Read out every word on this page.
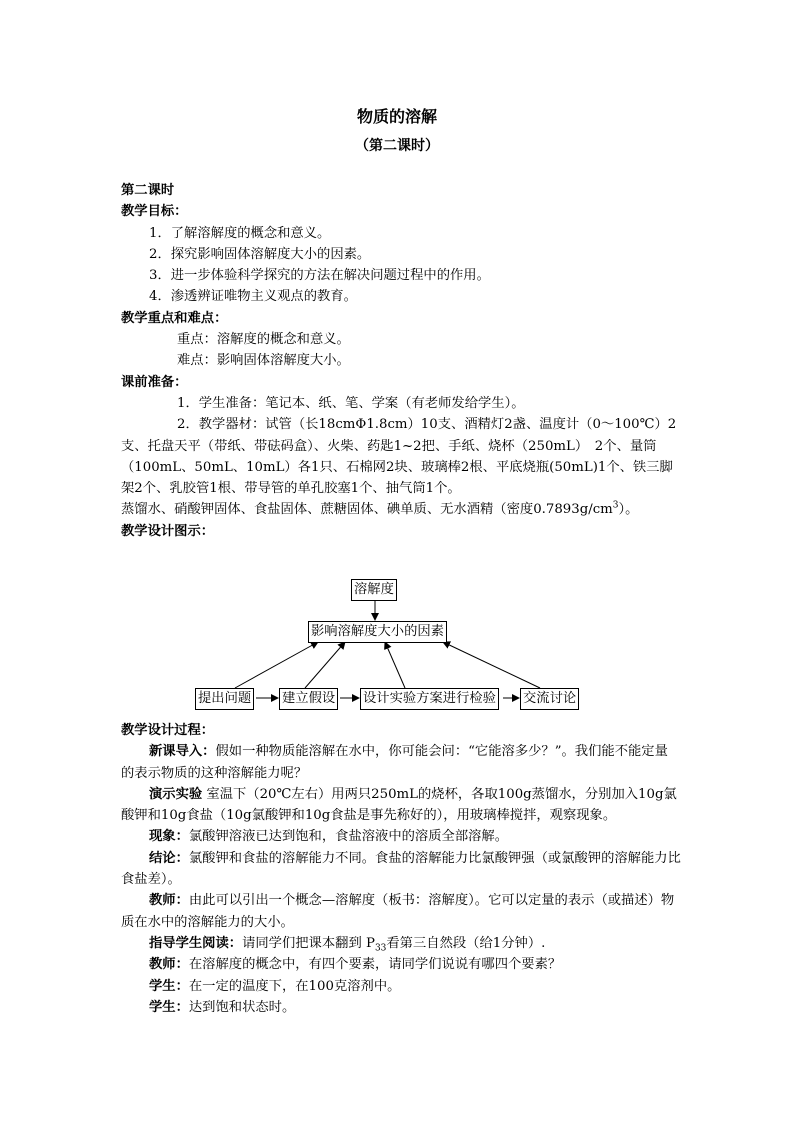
物质的溶解
（第二课时）
第二课时
教学目标：
1．了解溶解度的概念和意义。
2．探究影响固体溶解度大小的因素。
3．进一步体验科学探究的方法在解决问题过程中的作用。
4．渗透辨证唯物主义观点的教育。
教学重点和难点：
重点：溶解度的概念和意义。
难点：影响固体溶解度大小。
课前准备：
1．学生准备：笔记本、纸、笔、学案（有老师发给学生）。
2．教学器材：试管（长18cmΦ1.8cm）10支、酒精灯2盏、温度计（0～100℃）2支、托盘天平（带纸、带砝码盒）、火柴、药匙1~2把、手纸、烧杯（250mL）　2个、量筒（100mL、50mL、10mL）各1只、石棉网2块、玻璃棒2根、平底烧瓶(50mL)1个、铁三脚架2个、乳胶管1根、带导管的单孔胶塞1个、抽气筒1个。
蒸馏水、硝酸钾固体、食盐固体、蔗糖固体、碘单质、无水酒精（密度$0.7893g/cm^3$）。
教学设计图示：
溶解度
影响溶解度大小的因素
提出问题 建立假设 设计实验方案进行检验 交流讨论
教学设计过程：
新课导入：假如一种物质能溶解在水中，你可能会问：“它能溶多少？”。我们能不能定量的表示物质的这种溶解能力呢？
演示实验 室温下（20℃左右）用两只250mL的烧杯，各取100g蒸馏水，分别加入10g氯酸钾和10g食盐（10g氯酸钾和10g食盐是事先称好的），用玻璃棒搅拌，观察现象。
现象：氯酸钾溶液已达到饱和，食盐溶液中的溶质全部溶解。
结论：氯酸钾和食盐的溶解能力不同。食盐的溶解能力比氯酸钾强（或氯酸钾的溶解能力比食盐差）。
教师：由此可以引出一个概念—溶解度（板书：溶解度）。它可以定量的表示（或描述）物质在水中的溶解能力的大小。
指导学生阅读：请同学们把课本翻到 $P_{33}$看第三自然段（给1分钟）.
教师：在溶解度的概念中，有四个要素，请同学们说说有哪四个要素？
学生：在一定的温度下，在100克溶剂中。
学生：达到饱和状态时。
